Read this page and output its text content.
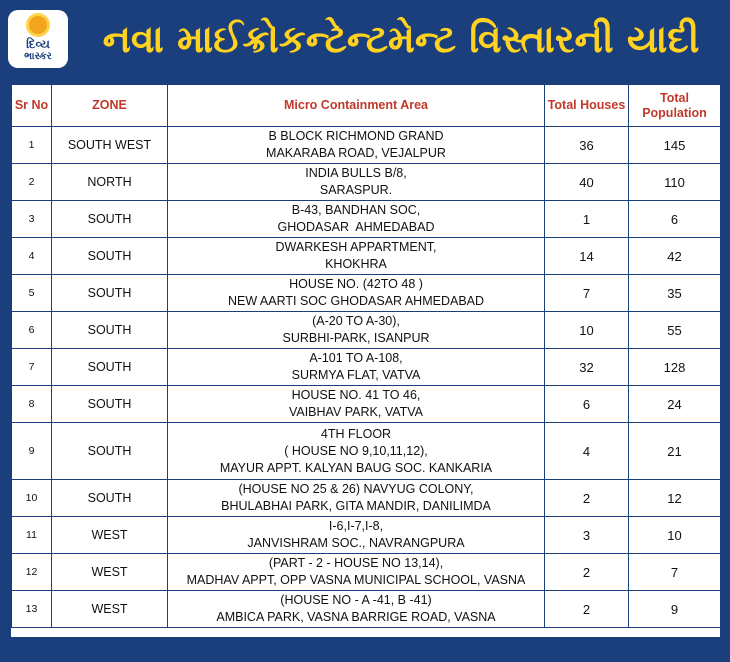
દિવ્ય
ભાસ્કર	નવા માઈક્રોકન્ટેન્ટમેન્ટ વિસ્તારની યાદી
Sr No	ZONE	Micro Containment Area	Total Houses	Total Population
1	SOUTH WEST	B BLOCK RICHMOND GRAND
MAKARABA ROAD, VEJALPUR	36	145
2	NORTH	INDIA BULLS B/8,
SARASPUR.	40	110
3	SOUTH	B-43, BANDHAN SOC,
GHODASAR  AHMEDABAD	1	6
4	SOUTH	DWARKESH APPARTMENT,
KHOKHRA	14	42
5	SOUTH	HOUSE NO. (42TO 48 )
NEW AARTI SOC GHODASAR AHMEDABAD	7	35
6	SOUTH	(A-20 TO A-30),
SURBHI-PARK, ISANPUR	10	55
7	SOUTH	A-101 TO A-108,
SURMYA FLAT, VATVA	32	128
8	SOUTH	HOUSE NO. 41 TO 46,
VAIBHAV PARK, VATVA	6	24
9	SOUTH	4TH FLOOR
( HOUSE NO 9,10,11,12),
MAYUR APPT. KALYAN BAUG SOC. KANKARIA	4	21
10	SOUTH	(HOUSE NO 25 & 26) NAVYUG COLONY,
BHULABHAI PARK, GITA MANDIR, DANILIMDA	2	12
11	WEST	I-6,I-7,I-8,
JANVISHRAM SOC., NAVRANGPURA	3	10
12	WEST	(PART - 2 - HOUSE NO 13,14),
MADHAV APPT, OPP VASNA MUNICIPAL SCHOOL, VASNA	2	7
13	WEST	(HOUSE NO - A -41, B -41)
AMBICA PARK, VASNA BARRIGE ROAD, VASNA	2	9
